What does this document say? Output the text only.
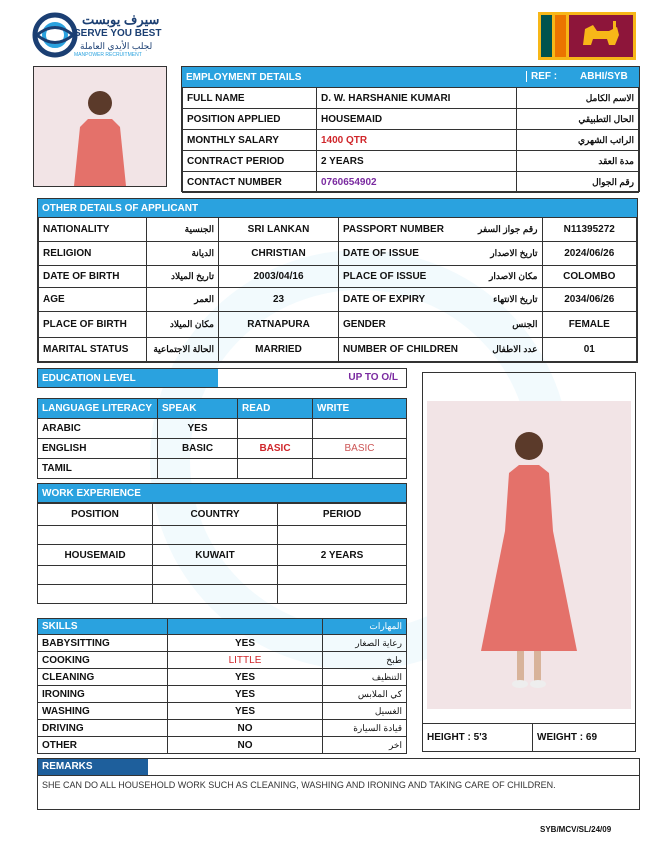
سيرف يوبست
SERVE YOU BEST
لجلب الأيدي العاملة
MANPOWER RECRUITMENT
EMPLOYMENT DETAILS	REF : ABHI/SYB
FULL NAME	D. W. HARSHANIE KUMARI	الاسم الكامل
POSITION APPLIED	HOUSEMAID	الحال التطبيقي
MONTHLY SALARY	1400 QTR	الراتب الشهري
CONTRACT PERIOD	2 YEARS	مدة العقد
CONTACT NUMBER	0760654902	رقم الجوال
OTHER DETAILS OF APPLICANT
NATIONALITY	الجنسية	SRI LANKAN	PASSPORT NUMBER	رقم جواز السفر	N11395272
RELIGION	الديانة	CHRISTIAN	DATE OF ISSUE	تاريخ الاصدار	2024/06/26
DATE OF BIRTH	تاريخ الميلاد	2003/04/16	PLACE OF ISSUE	مكان الاصدار	COLOMBO
AGE	العمر	23	DATE OF EXPIRY	تاريخ الانتهاء	2034/06/26
PLACE OF BIRTH	مكان الميلاد	RATNAPURA	GENDER	الجنس	FEMALE
MARITAL STATUS	الحالة الاجتماعية	MARRIED	NUMBER OF CHILDREN	عدد الاطفال	01
EDUCATION LEVEL	UP TO O/L
LANGUAGE LITERACY	SPEAK	READ	WRITE
ARABIC	YES		
ENGLISH	BASIC	BASIC	BASIC
TAMIL			
WORK EXPERIENCE
POSITION	COUNTRY	PERIOD

HOUSEMAID	KUWAIT	2 YEARS

SKILLS		المهارات
BABYSITTING	YES	رعاية الصغار
COOKING	LITTLE	طبخ
CLEANING	YES	التنظيف
IRONING	YES	كي الملابس
WASHING	YES	الغسيل
DRIVING	NO	قيادة السيارة
OTHER	NO	اخر
HEIGHT : 5'3	WEIGHT : 69
REMARKS
SHE CAN DO ALL HOUSEHOLD WORK SUCH AS CLEANING, WASHING AND IRONING AND TAKING CARE OF CHILDREN.
SYB/MCV/SL/24/09
